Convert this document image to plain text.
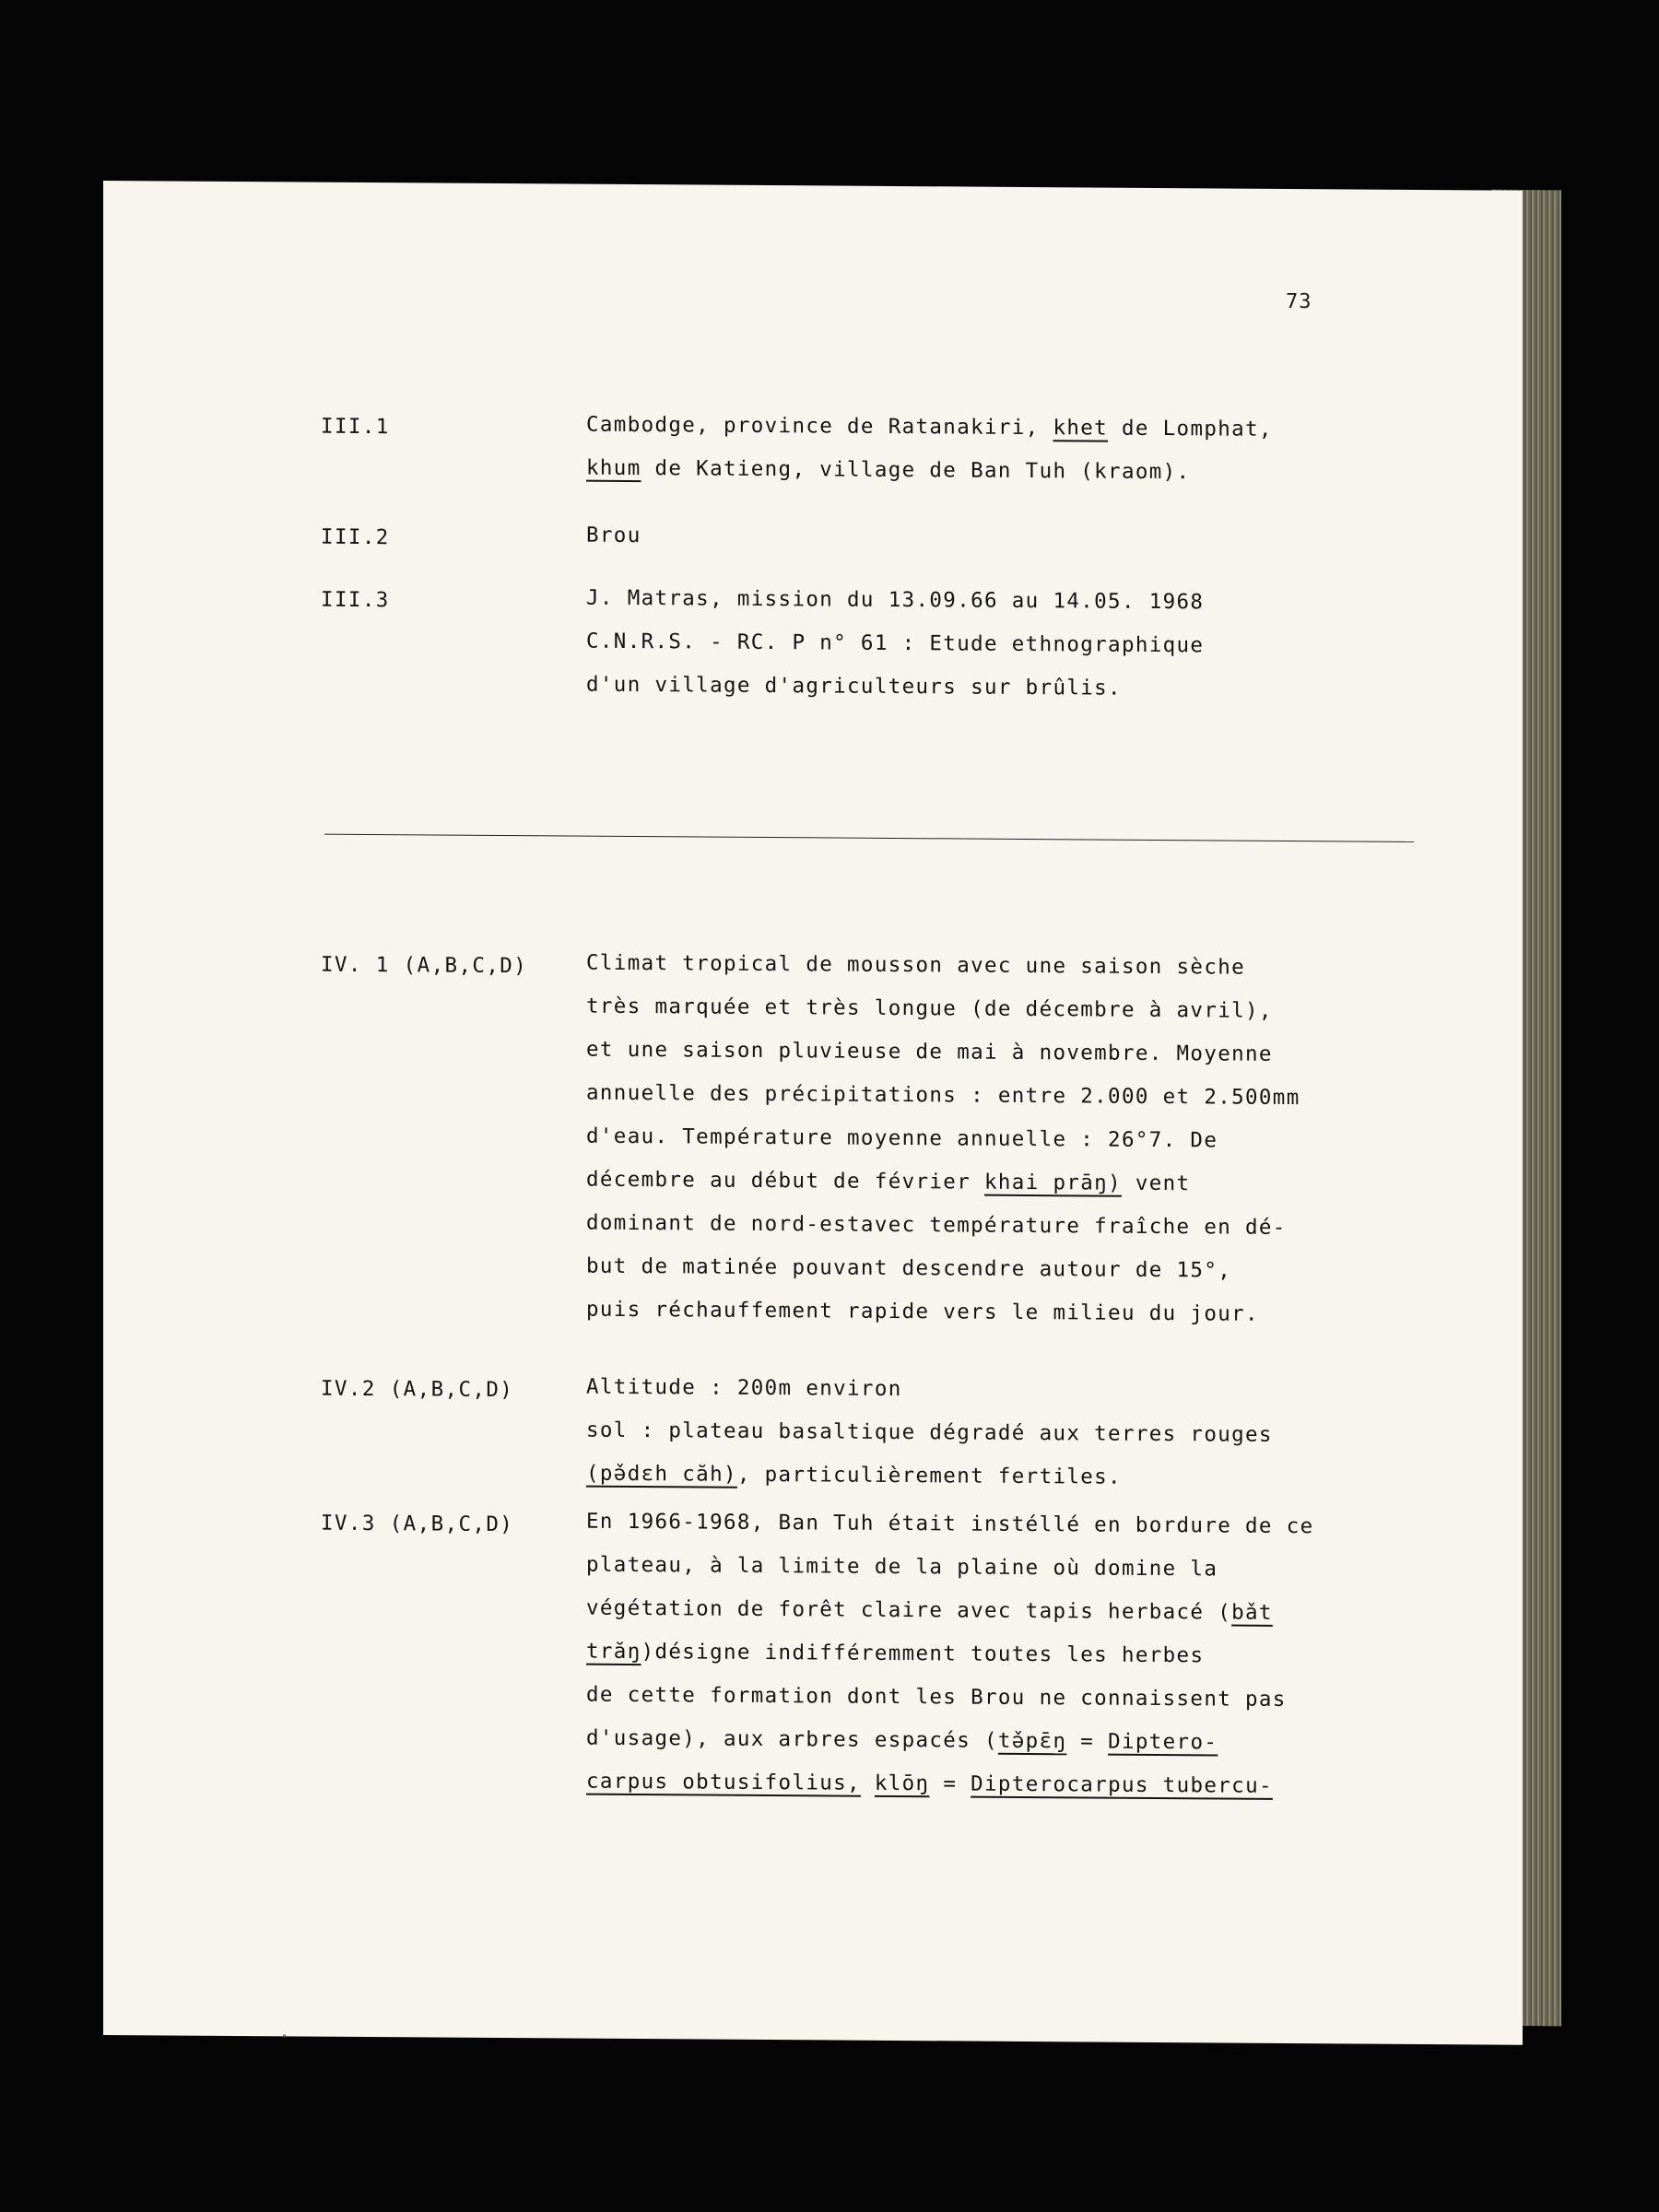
73
III.1	Cambodge, province de Ratanakiri, khet de Lomphat,
khum de Katieng, village de Ban Tuh (kraom).
III.2	Brou
III.3	J. Matras, mission du 13.09.66 au 14.05. 1968
C.N.R.S. - RC. P n° 61 : Etude ethnographique
d'un village d'agriculteurs sur brûlis.
IV. 1 (A,B,C,D)	Climat tropical de mousson avec une saison sèche
très marquée et très longue (de décembre à avril),
et une saison pluvieuse de mai à novembre. Moyenne
annuelle des précipitations : entre 2.000 et 2.500mm
d'eau. Température moyenne annuelle : 26°7. De
décembre au début de février khai prāŋ) vent
dominant de nord-estavec température fraîche en dé-
but de matinée pouvant descendre autour de 15°,
puis réchauffement rapide vers le milieu du jour.
IV.2 (A,B,C,D)	Altitude : 200m environ
sol : plateau basaltique dégradé aux terres rouges
(pə̌dɛh căh), particulièrement fertiles.
IV.3 (A,B,C,D)	En 1966-1968, Ban Tuh était instéllé en bordure de ce
plateau, à la limite de la plaine où domine la
végétation de forêt claire avec tapis herbacé (bǎt
trăŋ)désigne indifféremment toutes les herbes
de cette formation dont les Brou ne connaissent pas
d'usage), aux arbres espacés (tə̌pɛ̄ŋ = Diptero-
carpus obtusifolius, klōŋ = Dipterocarpus tubercu-
